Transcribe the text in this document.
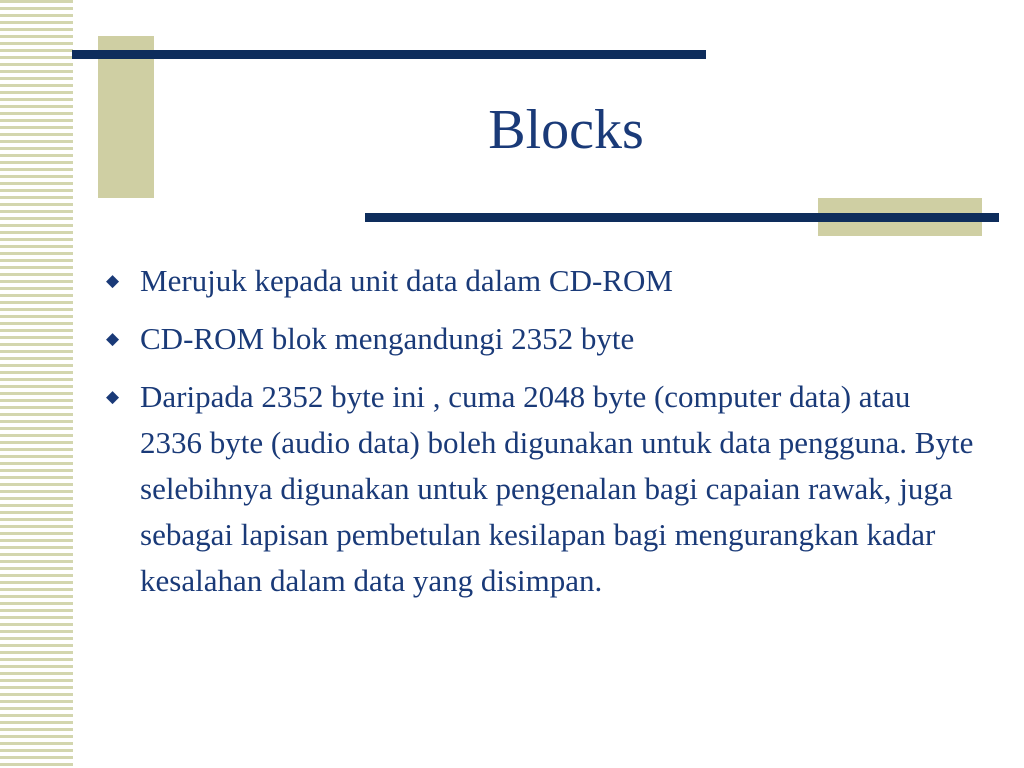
Blocks
◆ Merujuk kepada unit data dalam CD-ROM
◆ CD-ROM blok mengandungi 2352 byte
◆ Daripada 2352 byte ini , cuma 2048 byte (computer data) atau 2336 byte (audio data) boleh digunakan untuk data pengguna. Byte selebihnya digunakan untuk pengenalan bagi capaian rawak, juga sebagai lapisan pembetulan kesilapan bagi mengurangkan kadar kesalahan dalam data yang disimpan.
